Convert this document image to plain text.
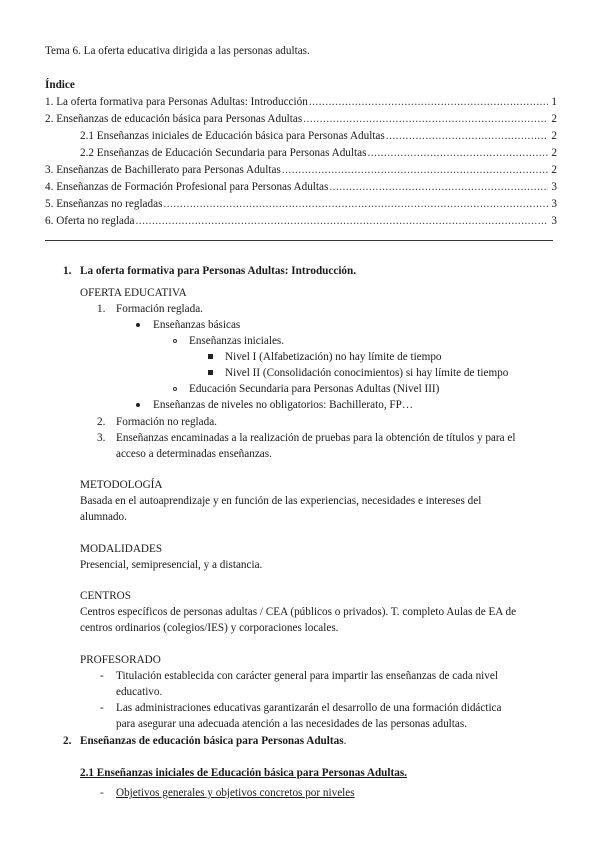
Tema 6. La oferta educativa dirigida a las personas adultas.
Índice
1. La oferta formativa para Personas Adultas: Introducción .....	1
2. Enseñanzas de educación básica para Personas Adultas .....	2
2.1 Enseñanzas iniciales de Educación básica para Personas Adultas .....	2
2.2 Enseñanzas de Educación Secundaria para Personas Adultas .....	2
3. Enseñanzas de Bachillerato para Personas Adultas .....	2
4. Enseñanzas de Formación Profesional para Personas Adultas .....	3
5. Enseñanzas no regladas .....	3
6. Oferta no reglada .....	3
1. La oferta formativa para Personas Adultas: Introducción.
OFERTA EDUCATIVA
1. Formación reglada.
Enseñanzas básicas
Enseñanzas iniciales.
Nivel I (Alfabetización) no hay límite de tiempo
Nivel II (Consolidación conocimientos) si hay límite de tiempo
Educación Secundaria para Personas Adultas (Nivel III)
Enseñanzas de niveles no obligatorios: Bachillerato, FP…
2. Formación no reglada.
3. Enseñanzas encaminadas a la realización de pruebas para la obtención de títulos y para el
acceso a determinadas enseñanzas.
METODOLOGÍA
Basada en el autoaprendizaje y en función de las experiencias, necesidades e intereses del
alumnado.
MODALIDADES
Presencial, semipresencial, y a distancia.
CENTROS
Centros específicos de personas adultas / CEA (públicos o privados). T. completo Aulas de EA de
centros ordinarios (colegios/IES) y corporaciones locales.
PROFESORADO
- Titulación establecida con carácter general para impartir las enseñanzas de cada nivel
educativo.
- Las administraciones educativas garantizarán el desarrollo de una formación didáctica
para asegurar una adecuada atención a las necesidades de las personas adultas.
2. Enseñanzas de educación básica para Personas Adultas.
2.1 Enseñanzas iniciales de Educación básica para Personas Adultas.
- Objetivos generales y objetivos concretos por niveles
